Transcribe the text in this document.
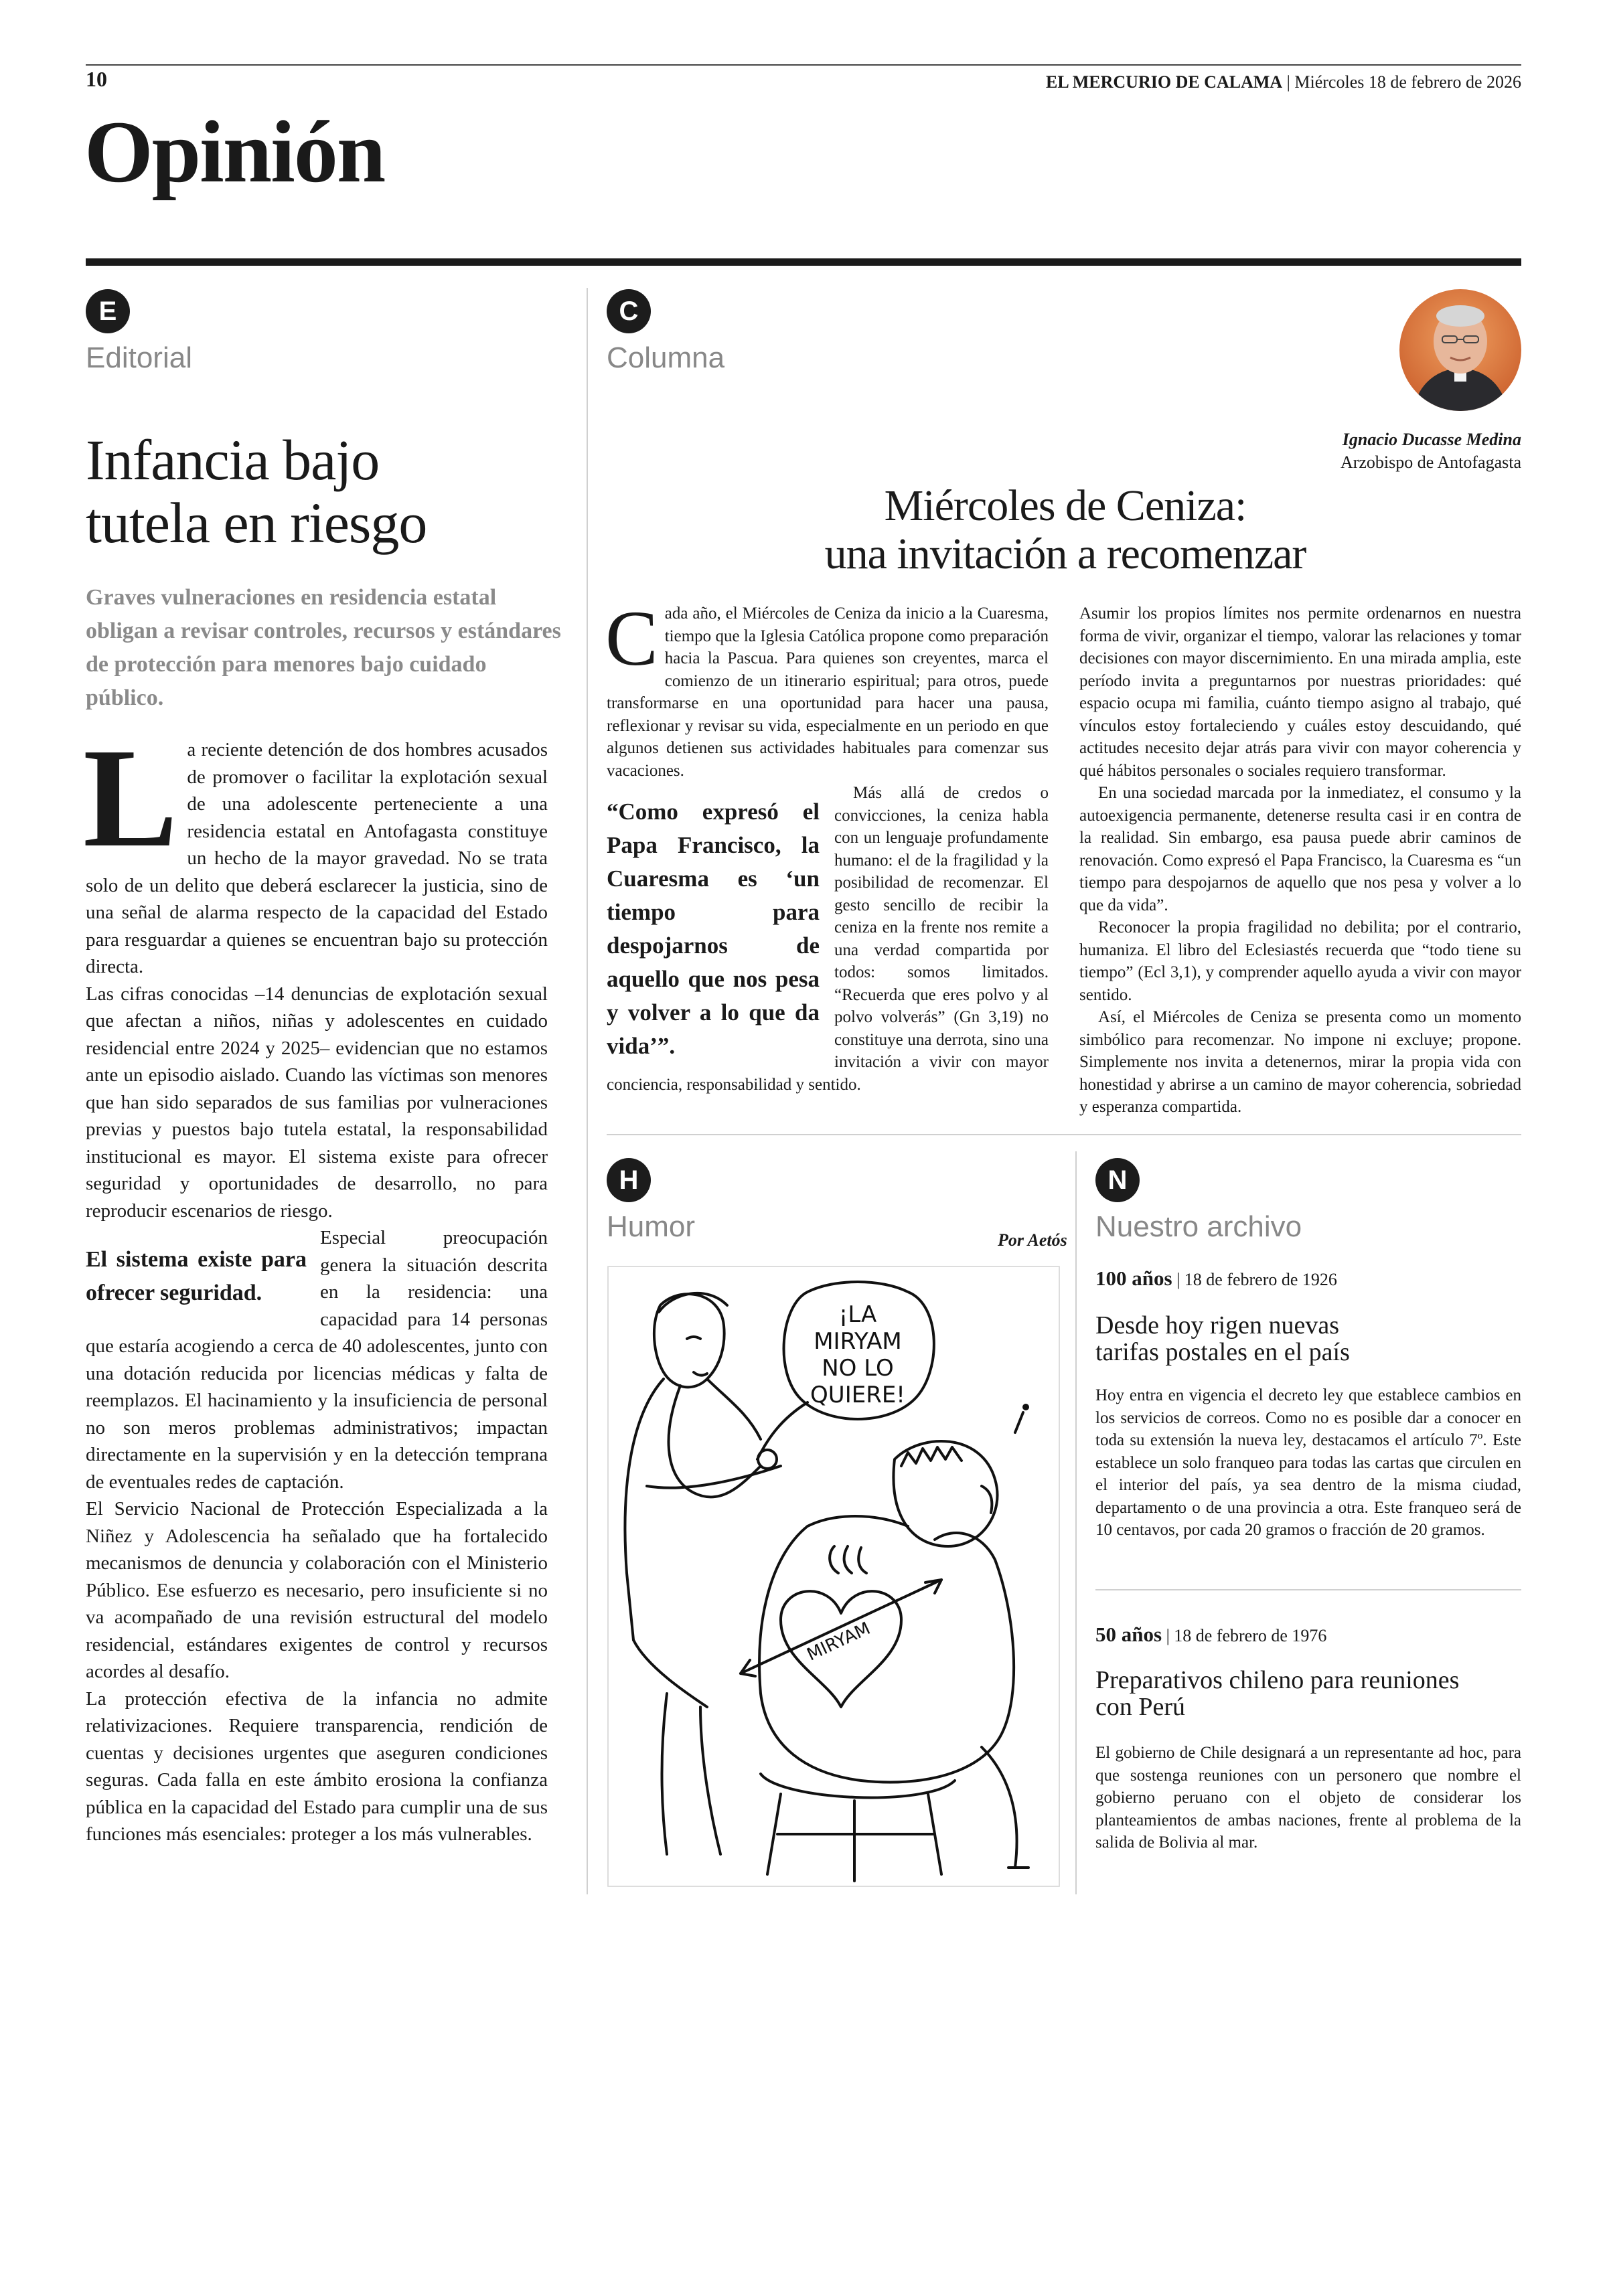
10	EL MERCURIO DE CALAMA | Miércoles 18 de febrero de 2026
Opinión
E
Editorial
Infancia bajo
tutela en riesgo
Graves vulneraciones en residencia estatal obligan a revisar controles, recursos y estándares de protección para menores bajo cuidado público.
L a reciente detención de dos hombres acusados de promover o facilitar la explotación sexual de una adolescente perteneciente a una residencia estatal en Antofagasta constituye un hecho de la mayor gravedad. No se trata solo de un delito que deberá esclarecer la justicia, sino de una señal de alarma respecto de la capacidad del Estado para resguardar a quienes se encuentran bajo su protección directa.

Las cifras conocidas –14 denuncias de explotación sexual que afectan a niños, niñas y adolescentes en cuidado residencial entre 2024 y 2025– evidencian que no estamos ante un episodio aislado. Cuando las víctimas son menores que han sido separados de sus familias por vulneraciones previas y puestos bajo tutela estatal, la responsabilidad institucional es mayor. El sistema existe para ofrecer seguridad y oportunidades de desarrollo, no para reproducir escenarios de riesgo.

El sistema existe para ofrecer seguridad.

Especial preocupación genera la situación descrita en la residencia: una capacidad para 14 personas que estaría acogiendo a cerca de 40 adolescentes, junto con una dotación reducida por licencias médicas y falta de reemplazos. El hacinamiento y la insuficiencia de personal no son meros problemas administrativos; impactan directamente en la supervisión y en la detección temprana de eventuales redes de captación.

El Servicio Nacional de Protección Especializada a la Niñez y Adolescencia ha señalado que ha fortalecido mecanismos de denuncia y colaboración con el Ministerio Público. Ese esfuerzo es necesario, pero insuficiente si no va acompañado de una revisión estructural del modelo residencial, estándares exigentes de control y recursos acordes al desafío.

La protección efectiva de la infancia no admite relativizaciones. Requiere transparencia, rendición de cuentas y decisiones urgentes que aseguren condiciones seguras. Cada falla en este ámbito erosiona la confianza pública en la capacidad del Estado para cumplir una de sus funciones más esenciales: proteger a los más vulnerables.

C
Columna
Ignacio Ducasse Medina
Arzobispo de Antofagasta
Miércoles de Ceniza:
una invitación a recomenzar
C ada año, el Miércoles de Ceniza da inicio a la Cuaresma, tiempo que la Iglesia Católica propone como preparación hacia la Pascua. Para quienes son creyentes, marca el comienzo de un itinerario espiritual; para otros, puede transformarse en una oportunidad para hacer una pausa, reflexionar y revisar su vida, especialmente en un periodo en que algunos detienen sus actividades habituales para comenzar sus vacaciones.

“Como expresó el Papa Francisco, la Cuaresma es ‘un tiempo para despojarnos de aquello que nos pesa y volver a lo que da vida’”.

Más allá de credos o convicciones, la ceniza habla con un lenguaje profundamente humano: el de la fragilidad y la posibilidad de recomenzar. El gesto sencillo de recibir la ceniza en la frente nos remite a una verdad compartida por todos: somos limitados. “Recuerda que eres polvo y al polvo volverás” (Gn 3,19) no constituye una derrota, sino una invitación a vivir con mayor conciencia, responsabilidad y sentido.

Asumir los propios límites nos permite ordenarnos en nuestra forma de vivir, organizar el tiempo, valorar las relaciones y tomar decisiones con mayor discernimiento. En una mirada amplia, este período invita a preguntarnos por nuestras prioridades: qué espacio ocupa mi familia, cuánto tiempo asigno al trabajo, qué vínculos estoy fortaleciendo y cuáles estoy descuidando, qué actitudes necesito dejar atrás para vivir con mayor coherencia y qué hábitos personales o sociales requiero transformar.

En una sociedad marcada por la inmediatez, el consumo y la autoexigencia permanente, detenerse resulta casi ir en contra de la realidad. Sin embargo, esa pausa puede abrir caminos de renovación. Como expresó el Papa Francisco, la Cuaresma es “un tiempo para despojarnos de aquello que nos pesa y volver a lo que da vida”.

Reconocer la propia fragilidad no debilita; por el contrario, humaniza. El libro del Eclesiastés recuerda que “todo tiene su tiempo” (Ecl 3,1), y comprender aquello ayuda a vivir con mayor sentido.

Así, el Miércoles de Ceniza se presenta como un momento simbólico para recomenzar. No impone ni excluye; propone. Simplemente nos invita a detenernos, mirar la propia vida con honestidad y abrirse a un camino de mayor coherencia, sobriedad y esperanza compartida.

H
Humor	Por Aetós
¡LA
MIRYAM
NO LO
QUIERE!
MIRYAM
N
Nuestro archivo
100 años | 18 de febrero de 1926
Desde hoy rigen nuevas
tarifas postales en el país
Hoy entra en vigencia el decreto ley que establece cambios en los servicios de correos. Como no es posible dar a conocer en toda su extensión la nueva ley, destacamos el artículo 7º. Este establece un solo franqueo para todas las cartas que circulen en el interior del país, ya sea dentro de la misma ciudad, departamento o de una provincia a otra. Este franqueo será de 10 centavos, por cada 20 gramos o fracción de 20 gramos.
50 años | 18 de febrero de 1976
Preparativos chileno para reuniones
con Perú
El gobierno de Chile designará a un representante ad hoc, para que sostenga reuniones con un personero que nombre el gobierno peruano con el objeto de considerar los planteamientos de ambas naciones, frente al problema de la salida de Bolivia al mar.
